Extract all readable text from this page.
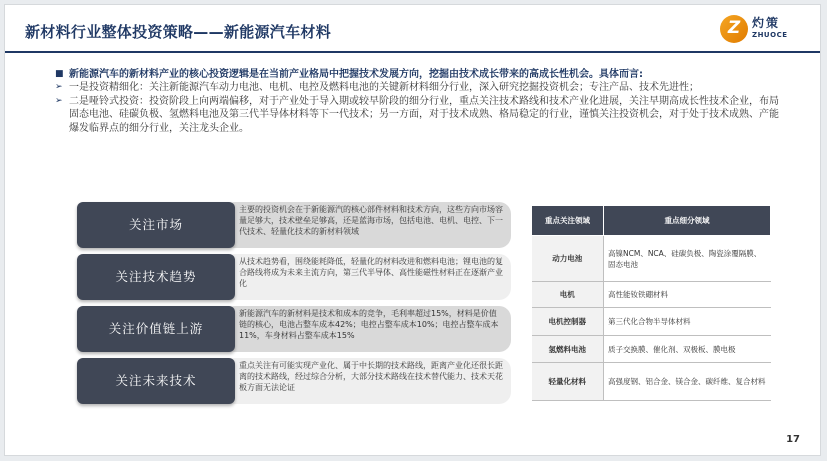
新材料行业整体投资策略——新能源汽车材料	Z 灼策
ZHUOCE

■ 新能源汽车的新材料产业的核心投资逻辑是在当前产业格局中把握技术发展方向，挖掘由技术成长带来的高成长性机会。具体而言:

➢ 一是投资精细化：关注新能源汽车动力电池、电机、电控及燃料电池的关键新材料细分行业，深入研究挖掘投资机会；专注产品、技术先进性；

➢ 二是哑铃式投资：投资阶段上向两端偏移，对于产业处于导入期或较早阶段的细分行业，重点关注技术路线和技术产业化进展，关注早期高成长性技术企业，布局固态电池、硅碳负极、氢燃料电池及第三代半导体材料等下一代技术；另一方面，对于技术成熟、格局稳定的行业，谨慎关注投资机会，对于处于技术成熟、产能爆发临界点的细分行业，关注龙头企业。

主要的投资机会在于新能源汽的核心部件材料和技术方向，这些方向市场容量足够大，技术壁垒足够高，还是蓝海市场，包括电池、电机、电控、下一代技术、轻量化技术的新材料领域
关注市场
从技术趋势看，围绕能耗降低，轻量化的材料改进和燃料电池；锂电池的复合路线将成为未来主流方向，第三代半导体、高性能磁性材料正在逐渐产业化
关注技术趋势
新能源汽车的新材料是技术和成本的竞争，毛利率超过15%，材料是价值链的核心，电池占整车成本42%；电控占整车成本10%；电控占整车成本11%，车身材料占整车成本15%
关注价值链上游
重点关注有可能实现产业化、属于中长期的技术路线，距离产业化还很长距离的技术路线，经过综合分析，大部分技术路线在技术替代能力、技术天花板方面无法论证
关注未来技术
重点关注领域	重点细分领域
动力电池	高镍NCM、NCA、硅碳负极、陶瓷涂覆隔膜、固态电池
电机	高性能钕铁硼材料
电机控制器	第三代化合物半导体材料
氢燃料电池	质子交换膜、催化剂、双极板、膜电极
轻量化材料	高强度钢、铝合金、镁合金、碳纤维、复合材料
17
